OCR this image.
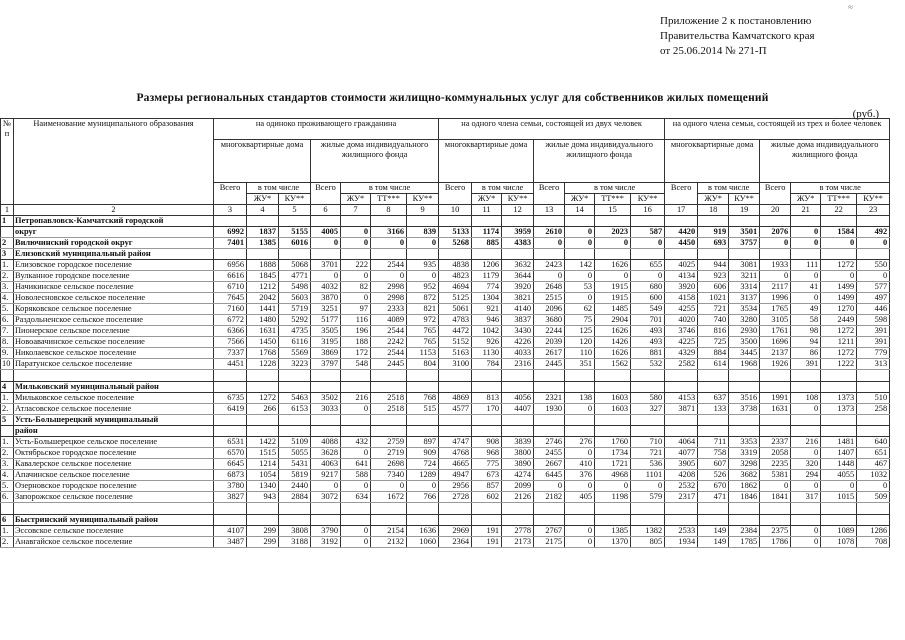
≈
Приложение 2 к постановлению
Правительства Камчатского края
от 25.06.2014 № 271-П
Размеры региональных стандартов стоимости жилищно-коммунальных услуг для собственников жилых помещений
(руб.)
№ п	Наименование муниципального образования	на одиноко проживающего гражданина							на одного члена семьи, состоящей из двух человек							на одного члена семьи, состоящей из трех и более человек						
		многоквартирные дома			жилые дома индивидуального жилищного фонда				многоквартирные дома			жилые дома индивидуального жилищного фонда				многоквартирные дома			жилые дома индивидуального жилищного фонда			
		Всего	в том числе		Всего	в том числе			Всего	в том числе		Всего	в том числе			Всего	в том числе		Всего	в том числе		
			ЖУ*	КУ**		ЖУ*	ТТ***	КУ**		ЖУ*	КУ**		ЖУ*	ТТ***	КУ**		ЖУ*	КУ**		ЖУ*	ТТ***	КУ**
1	2	3	4	5	6	7	8	9	10	11	12	13	14	15	16	17	18	19	20	21	22	23
1	Петропавловск-Камчатский городской																					
	округ	6992	1837	5155	4005	0	3166	839	5133	1174	3959	2610	0	2023	587	4420	919	3501	2076	0	1584	492
2	Вилючинский городской округ	7401	1385	6016	0	0	0	0	5268	885	4383	0	0	0	0	4450	693	3757	0	0	0	0
3	Елизовский муниципальный район																					
1.	Елизовское городское поселение	6956	1888	5068	3701	222	2544	935	4838	1206	3632	2423	142	1626	655	4025	944	3081	1933	111	1272	550
2.	Вулканное городское поселение	6616	1845	4771	0	0	0	0	4823	1179	3644	0	0	0	0	4134	923	3211	0	0	0	0
3.	Начикинское сельское поселение	6710	1212	5498	4032	82	2998	952	4694	774	3920	2648	53	1915	680	3920	606	3314	2117	41	1499	577
4.	Новолесновское сельское поселение	7645	2042	5603	3870	0	2998	872	5125	1304	3821	2515	0	1915	600	4158	1021	3137	1996	0	1499	497
5.	Коряковское сельское поселение	7160	1441	5719	3251	97	2333	821	5061	921	4140	2096	62	1485	549	4255	721	3534	1765	49	1270	446
6.	Раздольненское сельское поселение	6772	1480	5292	5177	116	4089	972	4783	946	3837	3680	75	2904	701	4020	740	3280	3105	58	2449	598
7.	Пионерское сельское поселение	6366	1631	4735	3505	196	2544	765	4472	1042	3430	2244	125	1626	493	3746	816	2930	1761	98	1272	391
8.	Новоавачинское сельское поселение	7566	1450	6116	3195	188	2242	765	5152	926	4226	2039	120	1426	493	4225	725	3500	1696	94	1211	391
9.	Николаевское сельское поселение	7337	1768	5569	3869	172	2544	1153	5163	1130	4033	2617	110	1626	881	4329	884	3445	2137	86	1272	779
10	Паратунское сельское поселение	4451	1228	3223	3797	548	2445	804	3100	784	2316	2445	351	1562	532	2582	614	1968	1926	391	1222	313

4	Мильковский муниципальный район																					
1.	Мильковское сельское поселение	6735	1272	5463	3502	216	2518	768	4869	813	4056	2321	138	1603	580	4153	637	3516	1991	108	1373	510
2.	Атласовское сельское поселение	6419	266	6153	3033	0	2518	515	4577	170	4407	1930	0	1603	327	3871	133	3738	1631	0	1373	258
5	Усть-Большерецкий муниципальный																					
	район																					
1.	Усть-Большерецкое сельское поселение	6531	1422	5109	4088	432	2759	897	4747	908	3839	2746	276	1760	710	4064	711	3353	2337	216	1481	640
2.	Октябрьское городское поселение	6570	1515	5055	3628	0	2719	909	4768	968	3800	2455	0	1734	721	4077	758	3319	2058	0	1407	651
3.	Кавалерское сельское поселение	6645	1214	5431	4063	641	2698	724	4665	775	3890	2667	410	1721	536	3905	607	3298	2235	320	1448	467
4.	Апачинское сельское поселение	6873	1054	5819	9217	588	7340	1289	4947	673	4274	6445	376	4968	1101	4208	526	3682	5381	294	4055	1032
5.	Озерновское городское поселение	3780	1340	2440	0	0	0	0	2956	857	2099	0	0	0	0	2532	670	1862	0	0	0	0
6.	Запорожское сельское поселение	3827	943	2884	3072	634	1672	766	2728	602	2126	2182	405	1198	579	2317	471	1846	1841	317	1015	509

6	Быстринский муниципальный район																					
1.	Эссовское сельское поселение	4107	299	3808	3790	0	2154	1636	2969	191	2778	2767	0	1385	1382	2533	149	2384	2375	0	1089	1286
2.	Анавгайское сельское поселение	3487	299	3188	3192	0	2132	1060	2364	191	2173	2175	0	1370	805	1934	149	1785	1786	0	1078	708
